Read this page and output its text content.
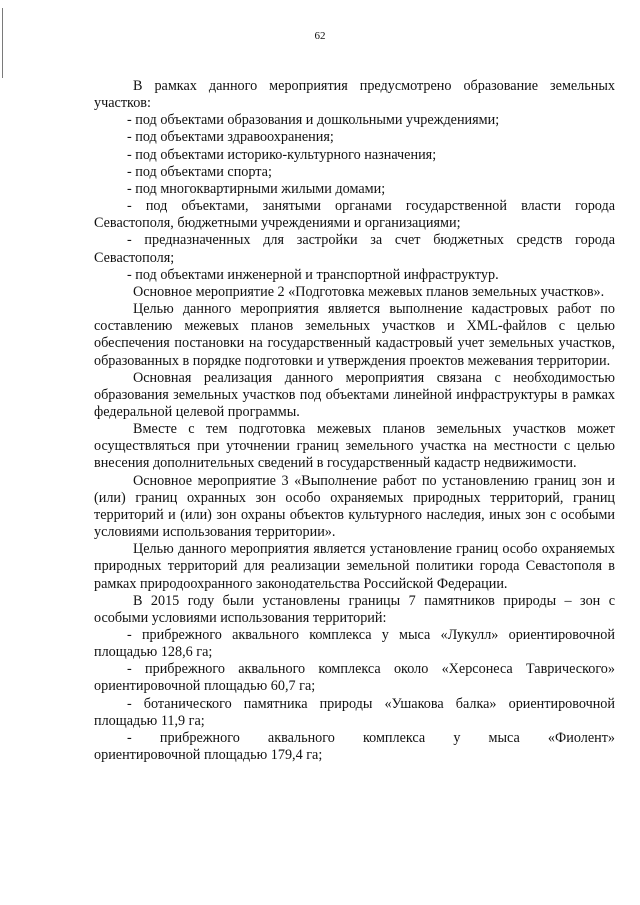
62

В рамках данного мероприятия предусмотрено образование земельных участков:

- под объектами образования и дошкольными учреждениями;

- под объектами здравоохранения;

- под объектами историко-культурного назначения;

- под объектами спорта;

- под многоквартирными жилыми домами;

- под объектами, занятыми органами государственной власти города Севастополя, бюджетными учреждениями и организациями;

- предназначенных для застройки за счет бюджетных средств города Севастополя;

- под объектами инженерной и транспортной инфраструктур.

Основное мероприятие 2 «Подготовка межевых планов земельных участков».

Целью данного мероприятия является выполнение кадастровых работ по составлению межевых планов земельных участков и XML-файлов с целью обеспечения постановки на государственный кадастровый учет земельных участков, образованных в порядке подготовки и утверждения проектов межевания территории.

Основная реализация данного мероприятия связана с необходимостью образования земельных участков под объектами линейной инфраструктуры в рамках федеральной целевой программы.

Вместе с тем подготовка межевых планов земельных участков может осуществляться при уточнении границ земельного участка на местности с целью внесения дополнительных сведений в государственный кадастр недвижимости.

Основное мероприятие 3 «Выполнение работ по установлению границ зон и (или) границ охранных зон особо охраняемых природных территорий, границ территорий и (или) зон охраны объектов культурного наследия, иных зон с особыми условиями использования территории».

Целью данного мероприятия является установление границ особо охраняемых природных территорий для реализации земельной политики города Севастополя в рамках природоохранного законодательства Российской Федерации.

В 2015 году были установлены границы 7 памятников природы – зон с особыми условиями использования территорий:

- прибрежного аквального комплекса у мыса «Лукулл» ориентировочной площадью 128,6 га;

- прибрежного аквального комплекса около «Херсонеса Таврического» ориентировочной площадью 60,7 га;

- ботанического памятника природы «Ушакова балка» ориентировочной площадью 11,9 га;

- прибрежного аквального комплекса у мыса «Фиолент»

ориентировочной площадью 179,4 га;
